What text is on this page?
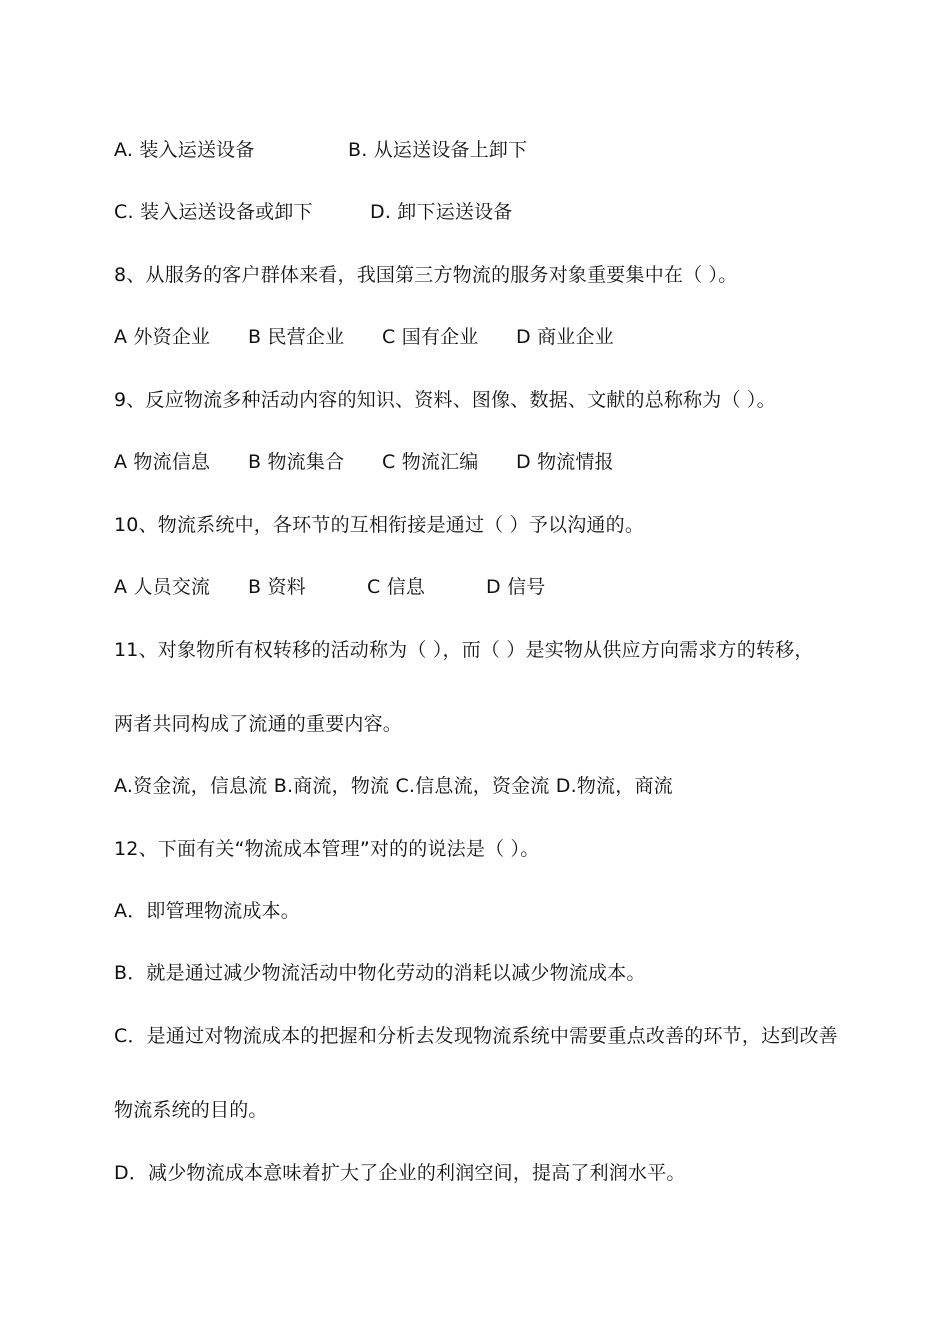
A. 装入运送设备	B. 从运送设备上卸下
C. 装入运送设备或卸下	D. 卸下运送设备
8、从服务的客户群体来看，我国第三方物流的服务对象重要集中在（ ）。
A 外资企业 B 民营企业 C 国有企业 D 商业企业
9、反应物流多种活动内容的知识、资料、图像、数据、文献的总称称为（ ）。
A 物流信息 B 物流集合 C 物流汇编 D 物流情报
10、物流系统中，各环节的互相衔接是通过（ ）予以沟通的。
A 人员交流 B 资料	C 信息	D 信号
11、对象物所有权转移的活动称为（ ），而（ ）是实物从供应方向需求方的转移，
两者共同构成了流通的重要内容。
A.资金流，信息流 B.商流，物流 C.信息流，资金流 D.物流，商流
12、下面有关“物流成本管理”对的的说法是（ ）。
A．即管理物流成本。
B．就是通过减少物流活动中物化劳动的消耗以减少物流成本。
C．是通过对物流成本的把握和分析去发现物流系统中需要重点改善的环节，达到改善
物流系统的目的。
D．减少物流成本意味着扩大了企业的利润空间，提高了利润水平。
